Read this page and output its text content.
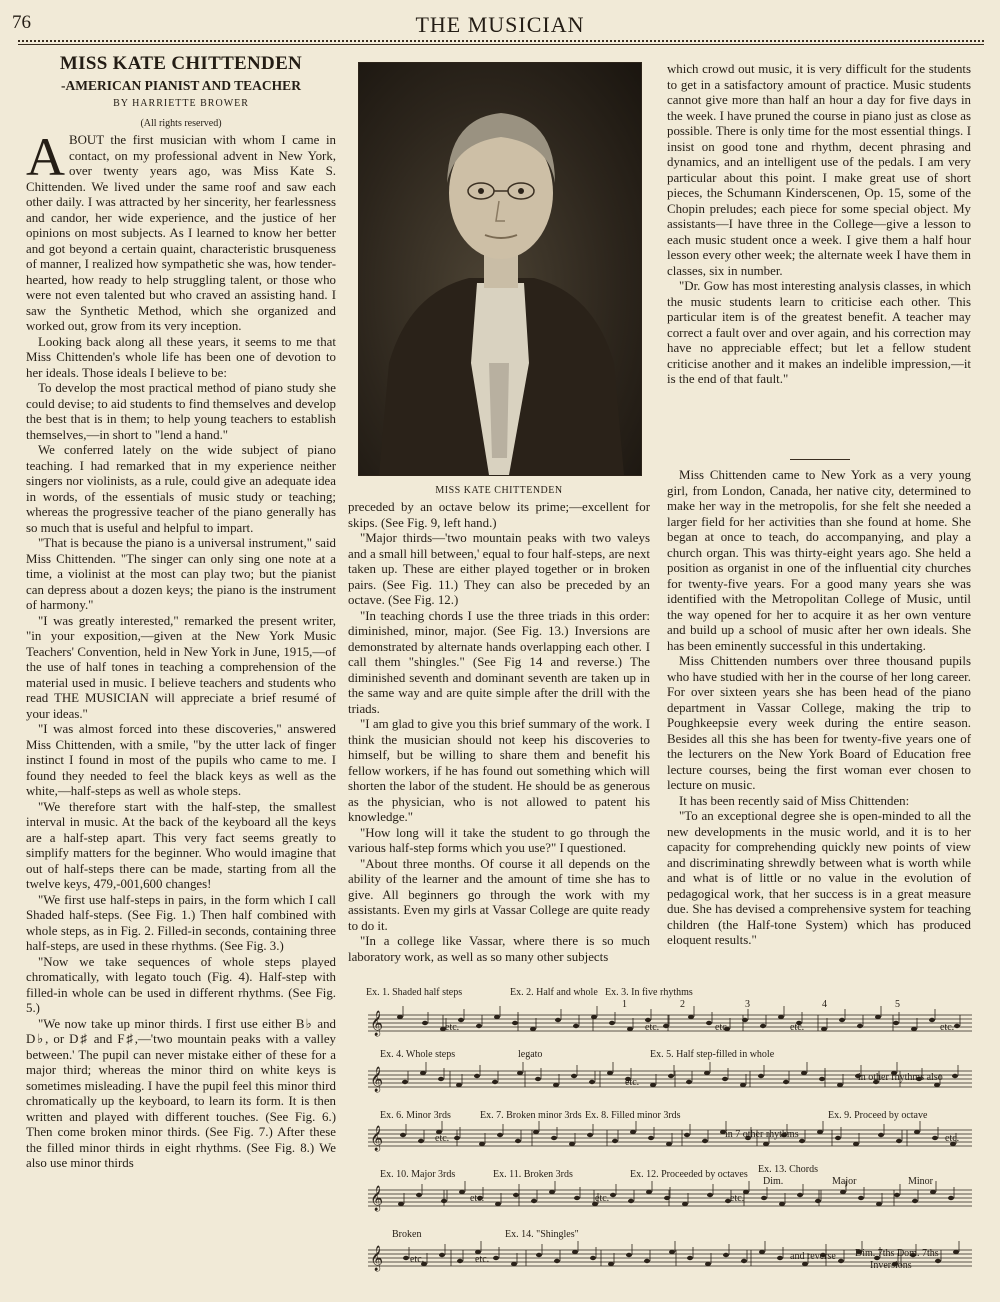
76	THE MUSICIAN
MISS KATE CHITTENDEN
-AMERICAN PIANIST AND TEACHER
BY HARRIETTE BROWER
(All rights reserved)

ABOUT the first musician with whom I came in contact, on my professional advent in New York, over twenty years ago, was Miss Kate S. Chittenden. We lived under the same roof and saw each other daily. I was attracted by her sincerity, her fearlessness and candor, her wide experience, and the justice of her opinions on most subjects. As I learned to know her better and got beyond a certain quaint, characteristic brusqueness of manner, I realized how sympathetic she was, how tender-hearted, how ready to help struggling talent, or those who were not even talented but who craved an assisting hand. I saw the Synthetic Method, which she organized and worked out, grow from its very inception.

Looking back along all these years, it seems to me that Miss Chittenden's whole life has been one of devotion to her ideals. Those ideals I believe to be:

To develop the most practical method of piano study she could devise; to aid students to find themselves and develop the best that is in them; to help young teachers to establish themselves,—in short to "lend a hand."

We conferred lately on the wide subject of piano teaching. I had remarked that in my experience neither singers nor violinists, as a rule, could give an adequate idea in words, of the essentials of music study or teaching; whereas the progressive teacher of the piano generally has so much that is useful and helpful to impart.

"That is because the piano is a universal instrument," said Miss Chittenden. "The singer can only sing one note at a time, a violinist at the most can play two; but the pianist can depress about a dozen keys; the piano is the instrument of harmony."

"I was greatly interested," remarked the present writer, "in your exposition,—given at the New York Music Teachers' Convention, held in New York in June, 1915,—of the use of half tones in teaching a comprehension of the material used in music. I believe teachers and students who read THE MUSICIAN will appreciate a brief resumé of your ideas."

"I was almost forced into these discoveries," answered Miss Chittenden, with a smile, "by the utter lack of finger instinct I found in most of the pupils who came to me. I found they needed to feel the black keys as well as the white,—half-steps as well as whole steps.

"We therefore start with the half-step, the smallest interval in music. At the back of the keyboard all the keys are a half-step apart. This very fact seems greatly to simplify matters for the beginner. Who would imagine that out of half-steps there can be made, starting from all the twelve keys, 479,-001,600 changes!

"We first use half-steps in pairs, in the form which I call Shaded half-steps. (See Fig. 1.) Then half combined with whole steps, as in Fig. 2. Filled-in seconds, containing three half-steps, are used in these rhythms. (See Fig. 3.)

"Now we take sequences of whole steps played chromatically, with legato touch (Fig. 4). Half-step with filled-in whole can be used in different rhythms. (See Fig. 5.)

"We now take up minor thirds. I first use either B♭ and D♭, or D♯ and F♯,—'two mountain peaks with a valley between.' The pupil can never mistake either of these for a major third; whereas the minor third on white keys is sometimes misleading. I have the pupil feel this minor third chromatically up the keyboard, to learn its form. It is then written and played with different touches. (See Fig. 6.) Then come broken minor thirds. (See Fig. 7.) After these the filled minor thirds in eight rhythms. (See Fig. 8.) We also use minor thirds

MISS KATE CHITTENDEN

preceded by an octave below its prime;—excellent for skips. (See Fig. 9, left hand.)

"Major thirds—'two mountain peaks with two valeys and a small hill between,' equal to four half-steps, are next taken up. These are either played together or in broken pairs. (See Fig. 11.) They can also be preceded by an octave. (See Fig. 12.)

"In teaching chords I use the three triads in this order: diminished, minor, major. (See Fig. 13.) Inversions are demonstrated by alternate hands overlapping each other. I call them "shingles." (See Fig 14 and reverse.) The diminished seventh and dominant seventh are taken up in the same way and are quite simple after the drill with the triads.

"I am glad to give you this brief summary of the work. I think the musician should not keep his discoveries to himself, but be willing to share them and benefit his fellow workers, if he has found out something which will shorten the labor of the student. He should be as generous as the physician, who is not allowed to patent his knowledge."

"How long will it take the student to go through the various half-step forms which you use?" I questioned.

"About three months. Of course it all depends on the ability of the learner and the amount of time she has to give. All beginners go through the work with my assistants. Even my girls at Vassar College are quite ready to do it.

"In a college like Vassar, where there is so much laboratory work, as well as so many other subjects

which crowd out music, it is very difficult for the students to get in a satisfactory amount of practice. Music students cannot give more than half an hour a day for five days in the week. I have pruned the course in piano just as close as possible. There is only time for the most essential things. I insist on good tone and rhythm, decent phrasing and dynamics, and an intelligent use of the pedals. I am very particular about this point. I make great use of short pieces, the Schumann Kinderscenen, Op. 15, some of the Chopin preludes; each piece for some special object. My assistants—I have three in the College—give a lesson to each music student once a week. I give them a half hour lesson every other week; the alternate week I have them in classes, six in number.

"Dr. Gow has most interesting analysis classes, in which the music students learn to criticise each other. This particular item is of the greatest benefit. A teacher may correct a fault over and over again, and his correction may have no appreciable effect; but let a fellow student criticise another and it makes an indelible impression,—it is the end of that fault."

Miss Chittenden came to New York as a very young girl, from London, Canada, her native city, determined to make her way in the metropolis, for she felt she needed a larger field for her activities than she found at home. She began at once to teach, do accompanying, and play a church organ. This was thirty-eight years ago. She held a position as organist in one of the influential city churches for twenty-five years. For a good many years she was identified with the Metropolitan College of Music, until the way opened for her to acquire it as her own venture and build up a school of music after her own ideals. She has been eminently successful in this undertaking.

Miss Chittenden numbers over three thousand pupils who have studied with her in the course of her long career. For over sixteen years she has been head of the piano department in Vassar College, making the trip to Poughkeepsie every week during the entire season. Besides all this she has been for twenty-five years one of the lecturers on the New York Board of Education free lecture courses, being the first woman ever chosen to lecture on music.

It has been recently said of Miss Chittenden:

"To an exceptional degree she is open-minded to all the new developments in the music world, and it is to her capacity for comprehending quickly new points of view and discriminating shrewdly between what is worth while and what is of little or no value in the evolution of pedagogical work, that her success is in a great measure due. She has devised a comprehensive system for teaching children (the Half-tone System) which has produced eloquent results."

𝄞
𝄞
𝄞
𝄞
𝄞
Ex. 1. Shaded half steps	Ex. 2. Half and whole Ex. 3. In five rhythms
1	2	3	4	5
Ex. 4. Whole steps	legato	Ex. 5. Half step-filled in whole
in other rhythms also
Ex. 6. Minor 3rds	Ex. 7. Broken minor 3rds Ex. 8. Filled minor 3rds
in 7 other rhythms
Ex. 9. Proceed by octave
Ex. 10. Major 3rds	Ex. 11. Broken 3rds	Ex. 12. Proceeded by octaves Ex. 13. Chords
Dim.	Major	Minor
Broken	Ex. 14. "Shingles"
and reverse Dim. 7ths Dom. 7ths
Inversions
etc.	etc.	etc.	etc.	etc.
etc.
etc.	etc.
etc.	etc.	etc.
etc.	etc.
